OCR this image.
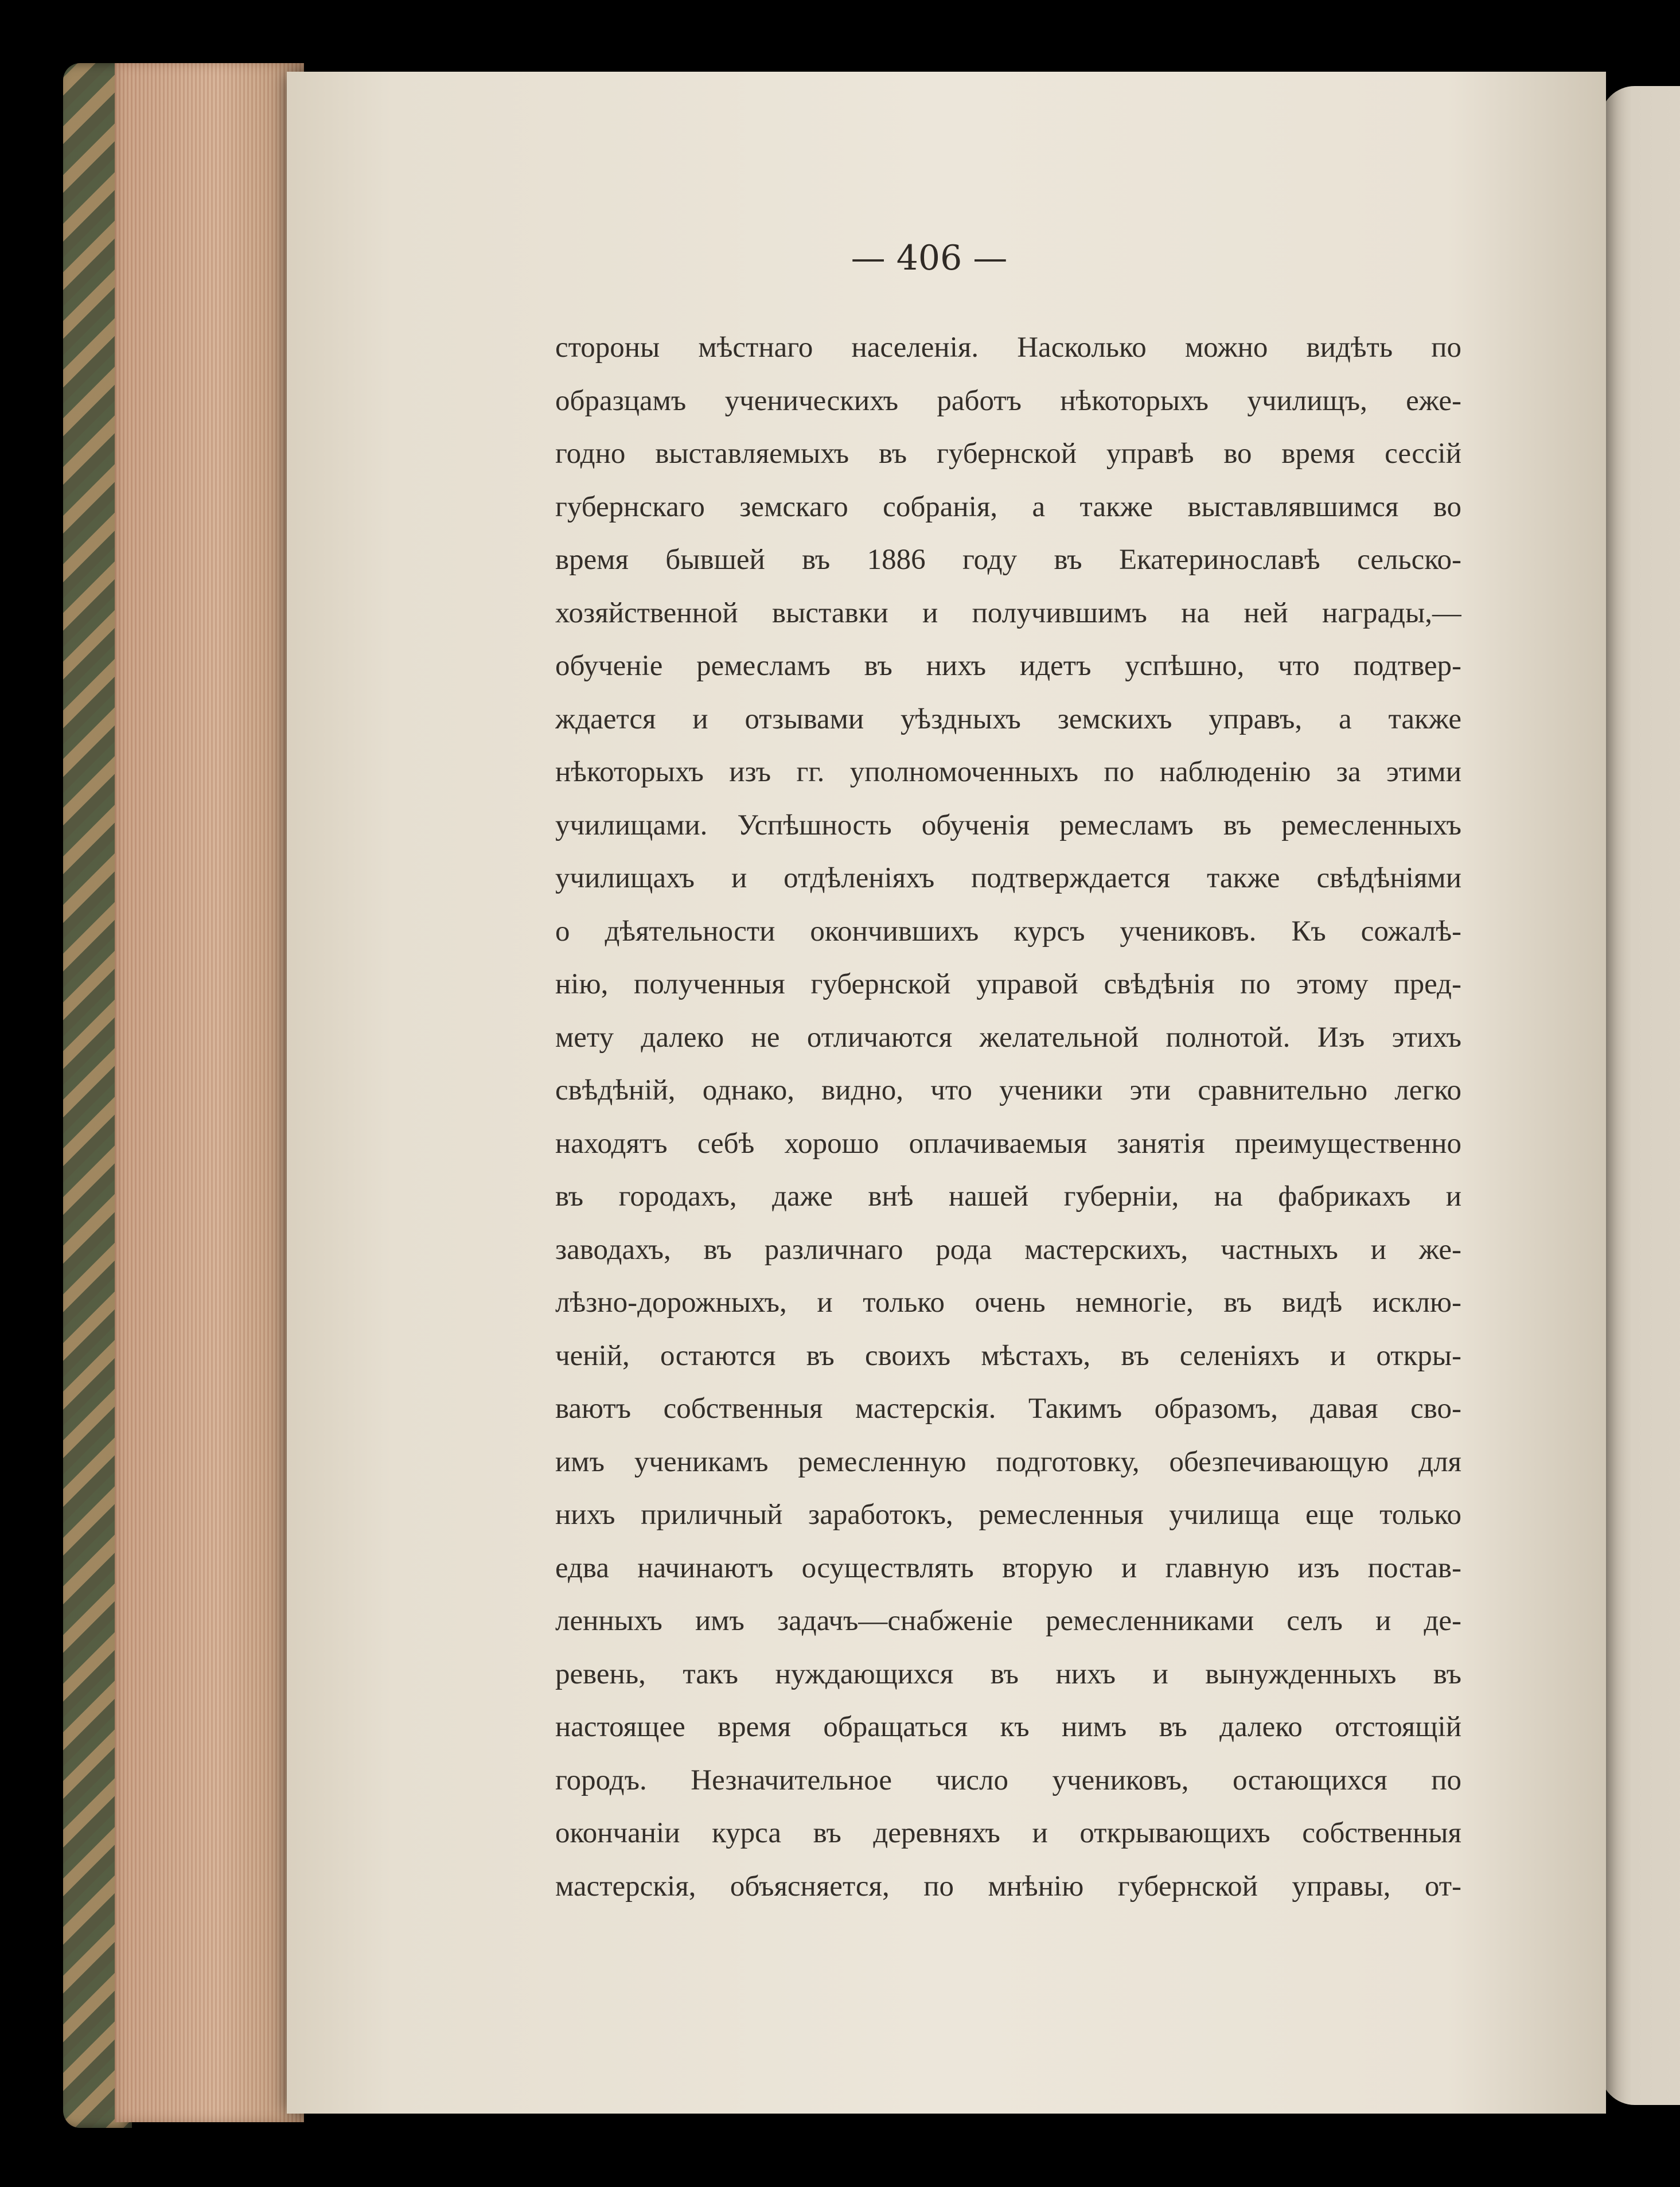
— 406 —
стороны мѣстнаго населенія. Насколько можно видѣть по
образцамъ ученическихъ работъ нѣкоторыхъ училищъ, еже-
годно выставляемыхъ въ губернской управѣ во время сессій
губернскаго земскаго собранія, а также выставлявшимся во
время бывшей въ 1886 году въ Екатеринославѣ сельско-
хозяйственной выставки и получившимъ на ней награды,—
обученіе ремесламъ въ нихъ идетъ успѣшно, что подтвер-
ждается и отзывами уѣздныхъ земскихъ управъ, а также
нѣкоторыхъ изъ гг. уполномоченныхъ по наблюденію за этими
училищами. Успѣшность обученія ремесламъ въ ремесленныхъ
училищахъ и отдѣленіяхъ подтверждается также свѣдѣніями
о дѣятельности окончившихъ курсъ учениковъ. Къ сожалѣ-
нію, полученныя губернской управой свѣдѣнія по этому пред-
мету далеко не отличаются желательной полнотой. Изъ этихъ
свѣдѣній, однако, видно, что ученики эти сравнительно легко
находятъ себѣ хорошо оплачиваемыя занятія преимущественно
въ городахъ, даже внѣ нашей губерніи, на фабрикахъ и
заводахъ, въ различнаго рода мастерскихъ, частныхъ и же-
лѣзно-дорожныхъ, и только очень немногіе, въ видѣ исклю-
ченій, остаются въ своихъ мѣстахъ, въ селеніяхъ и откры-
ваютъ собственныя мастерскія. Такимъ образомъ, давая сво-
имъ ученикамъ ремесленную подготовку, обезпечивающую для
нихъ приличный заработокъ, ремесленныя училища еще только
едва начинаютъ осуществлять вторую и главную изъ постав-
ленныхъ имъ задачъ—снабженіе ремесленниками селъ и де-
ревень, такъ нуждающихся въ нихъ и вынужденныхъ въ
настоящее время обращаться къ нимъ въ далеко отстоящій
городъ. Незначительное число учениковъ, остающихся по
окончаніи курса въ деревняхъ и открывающихъ собственныя
мастерскія, объясняется, по мнѣнію губернской управы, от-
